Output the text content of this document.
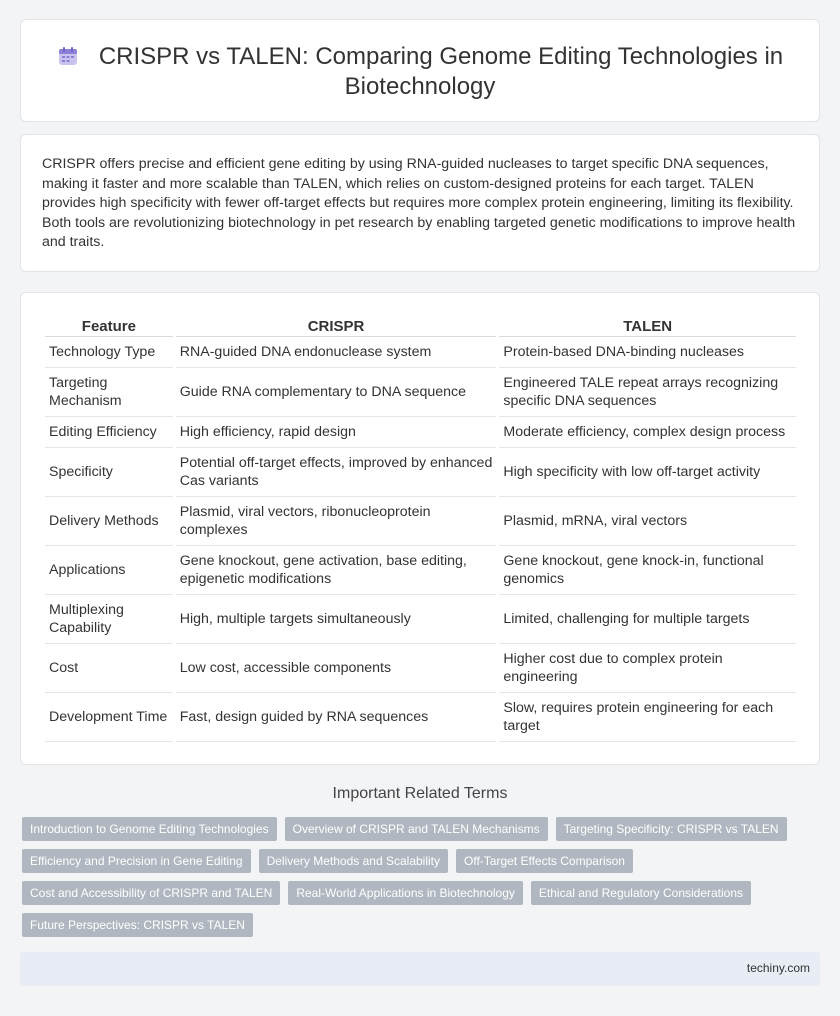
CRISPR vs TALEN: Comparing Genome Editing Technologies in Biotechnology

CRISPR offers precise and efficient gene editing by using RNA-guided nucleases to target specific DNA sequences, making it faster and more scalable than TALEN, which relies on custom-designed proteins for each target. TALEN provides high specificity with fewer off-target effects but requires more complex protein engineering, limiting its flexibility. Both tools are revolutionizing biotechnology in pet research by enabling targeted genetic modifications to improve health and traits.

Feature	CRISPR	TALEN
Technology Type	RNA-guided DNA endonuclease system	Protein-based DNA-binding nucleases
Targeting Mechanism	Guide RNA complementary to DNA sequence	Engineered TALE repeat arrays recognizing specific DNA sequences
Editing Efficiency	High efficiency, rapid design	Moderate efficiency, complex design process
Specificity	Potential off-target effects, improved by enhanced Cas variants	High specificity with low off-target activity
Delivery Methods	Plasmid, viral vectors, ribonucleoprotein complexes	Plasmid, mRNA, viral vectors
Applications	Gene knockout, gene activation, base editing, epigenetic modifications	Gene knockout, gene knock-in, functional genomics
Multiplexing Capability	High, multiple targets simultaneously	Limited, challenging for multiple targets
Cost	Low cost, accessible components	Higher cost due to complex protein engineering
Development Time	Fast, design guided by RNA sequences	Slow, requires protein engineering for each target
Important Related Terms
Introduction to Genome Editing Technologies	Overview of CRISPR and TALEN Mechanisms	Targeting Specificity: CRISPR vs TALEN
Efficiency and Precision in Gene Editing	Delivery Methods and Scalability	Off-Target Effects Comparison
Cost and Accessibility of CRISPR and TALEN	Real-World Applications in Biotechnology	Ethical and Regulatory Considerations
Future Perspectives: CRISPR vs TALEN
techiny.com
